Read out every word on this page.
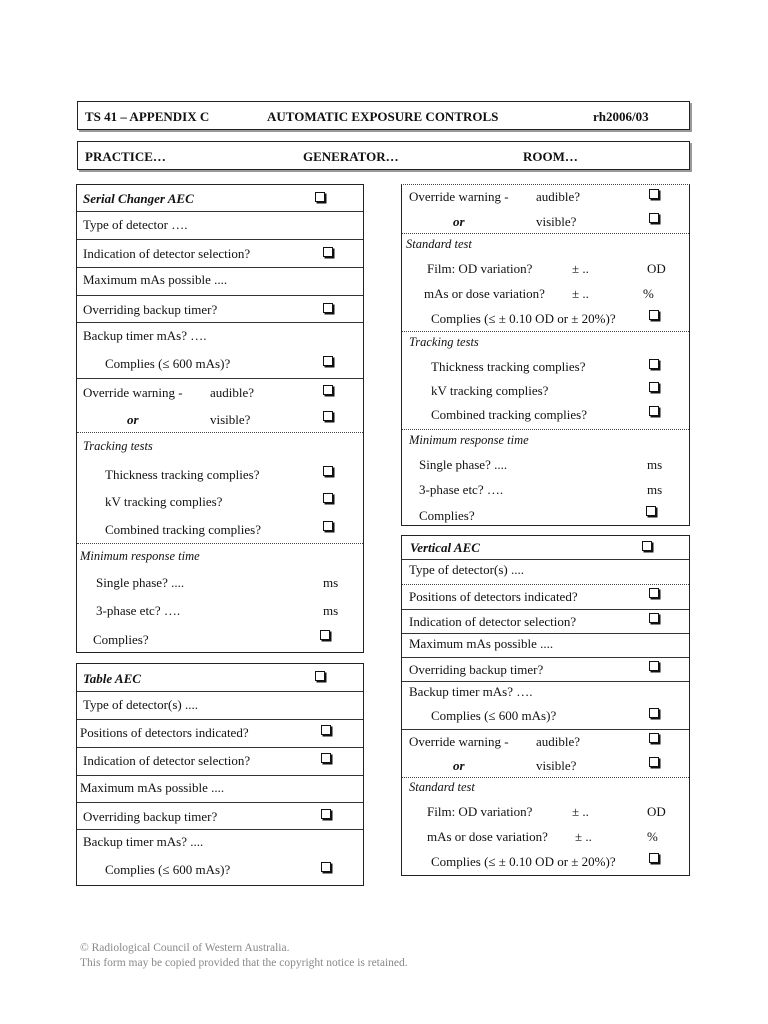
TS 41 – APPENDIX C	AUTOMATIC EXPOSURE CONTROLS	rh2006/03
PRACTICE…	GENERATOR…	ROOM…
Serial Changer AEC
Type of detector ….
Indication of detector selection?
Maximum mAs possible ....
Overriding backup timer?
Backup timer mAs? ….
Complies (≤ 600 mAs)?
Override warning - audible?
or	visible?
Tracking tests
Thickness tracking complies?
kV tracking complies?
Combined tracking complies?
Minimum response time
Single phase? ....	ms
3-phase etc? ….	ms
Complies?
Table AEC
Type of detector(s) ....
Positions of detectors indicated?
Indication of detector selection?
Maximum mAs possible ....
Overriding backup timer?
Backup timer mAs? ....
Complies (≤ 600 mAs)?
Override warning - audible?
or	visible?
Standard test
Film: OD variation?	± ..	OD
mAs or dose variation? ± ..	%
Complies (≤ ± 0.10 OD or ± 20%)?
Tracking tests
Thickness tracking complies?
kV tracking complies?
Combined tracking complies?
Minimum response time
Single phase? ....	ms
3-phase etc? ….	ms
Complies?
Vertical AEC
Type of detector(s) ....
Positions of detectors indicated?
Indication of detector selection?
Maximum mAs possible ....
Overriding backup timer?
Backup timer mAs? ….
Complies (≤ 600 mAs)?
Override warning - audible?
or	visible?
Standard test
Film: OD variation?	± ..	OD
mAs or dose variation? ± ..	%
Complies (≤ ± 0.10 OD or ± 20%)?
© Radiological Council of Western Australia.
This form may be copied provided that the copyright notice is retained.
